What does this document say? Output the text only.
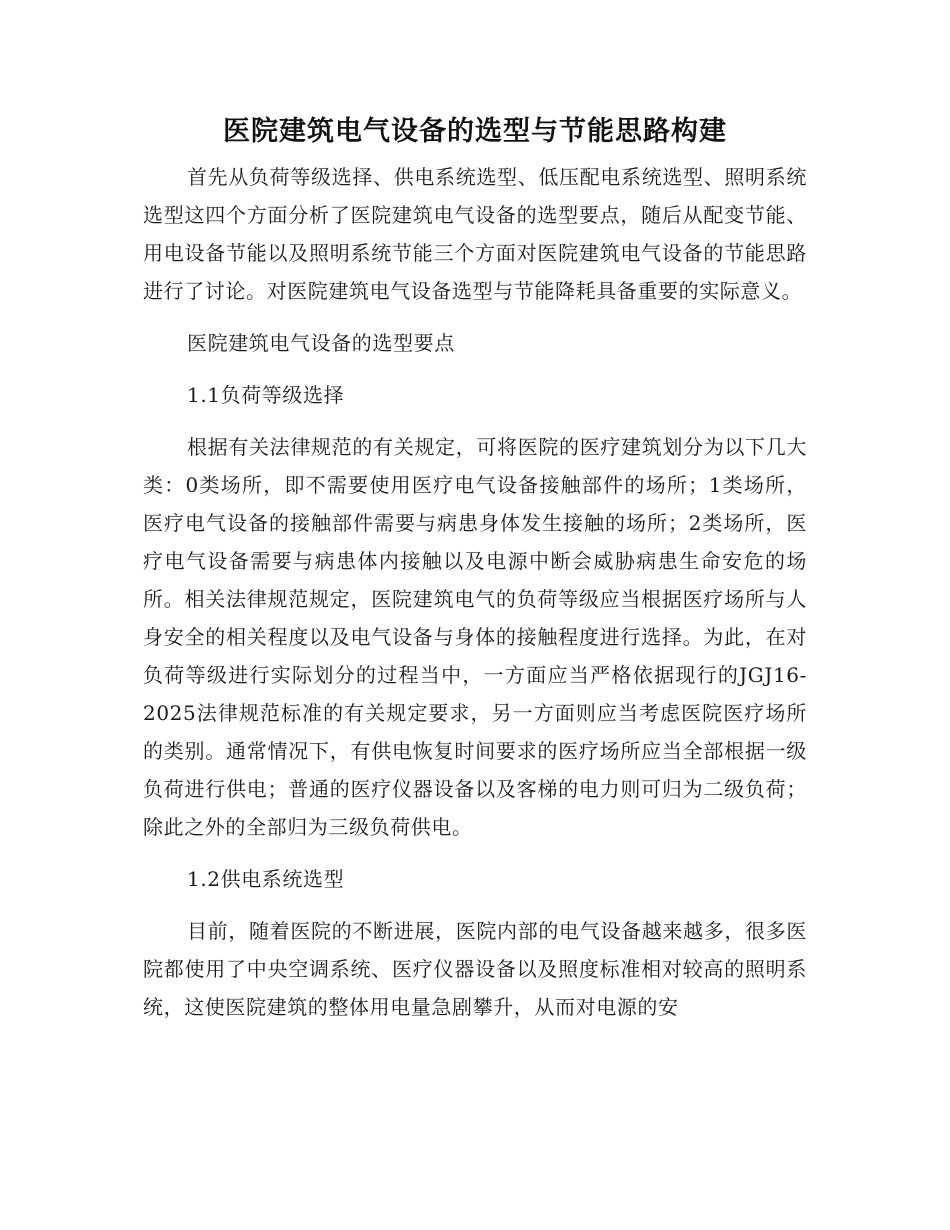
医院建筑电气设备的选型与节能思路构建

首先从负荷等级选择、供电系统选型、低压配电系统选型、照明系统选型这四个方面分析了医院建筑电气设备的选型要点，随后从配变节能、用电设备节能以及照明系统节能三个方面对医院建筑电气设备的节能思路进行了讨论。对医院建筑电气设备选型与节能降耗具备重要的实际意义。

医院建筑电气设备的选型要点

1.1负荷等级选择

根据有关法律规范的有关规定，可将医院的医疗建筑划分为以下几大类：0类场所，即不需要使用医疗电气设备接触部件的场所；1类场所，医疗电气设备的接触部件需要与病患身体发生接触的场所；2类场所，医疗电气设备需要与病患体内接触以及电源中断会威胁病患生命安危的场所。相关法律规范规定，医院建筑电气的负荷等级应当根据医疗场所与人身安全的相关程度以及电气设备与身体的接触程度进行选择。为此，在对负荷等级进行实际划分的过程当中，一方面应当严格依据现行的JGJ16-2025法律规范标准的有关规定要求，另一方面则应当考虑医院医疗场所的类别。通常情况下，有供电恢复时间要求的医疗场所应当全部根据一级负荷进行供电；普通的医疗仪器设备以及客梯的电力则可归为二级负荷；除此之外的全部归为三级负荷供电。

1.2供电系统选型

目前，随着医院的不断进展，医院内部的电气设备越来越多，很多医院都使用了中央空调系统、医疗仪器设备以及照度标准相对较高的照明系统，这使医院建筑的整体用电量急剧攀升，从而对电源的安
